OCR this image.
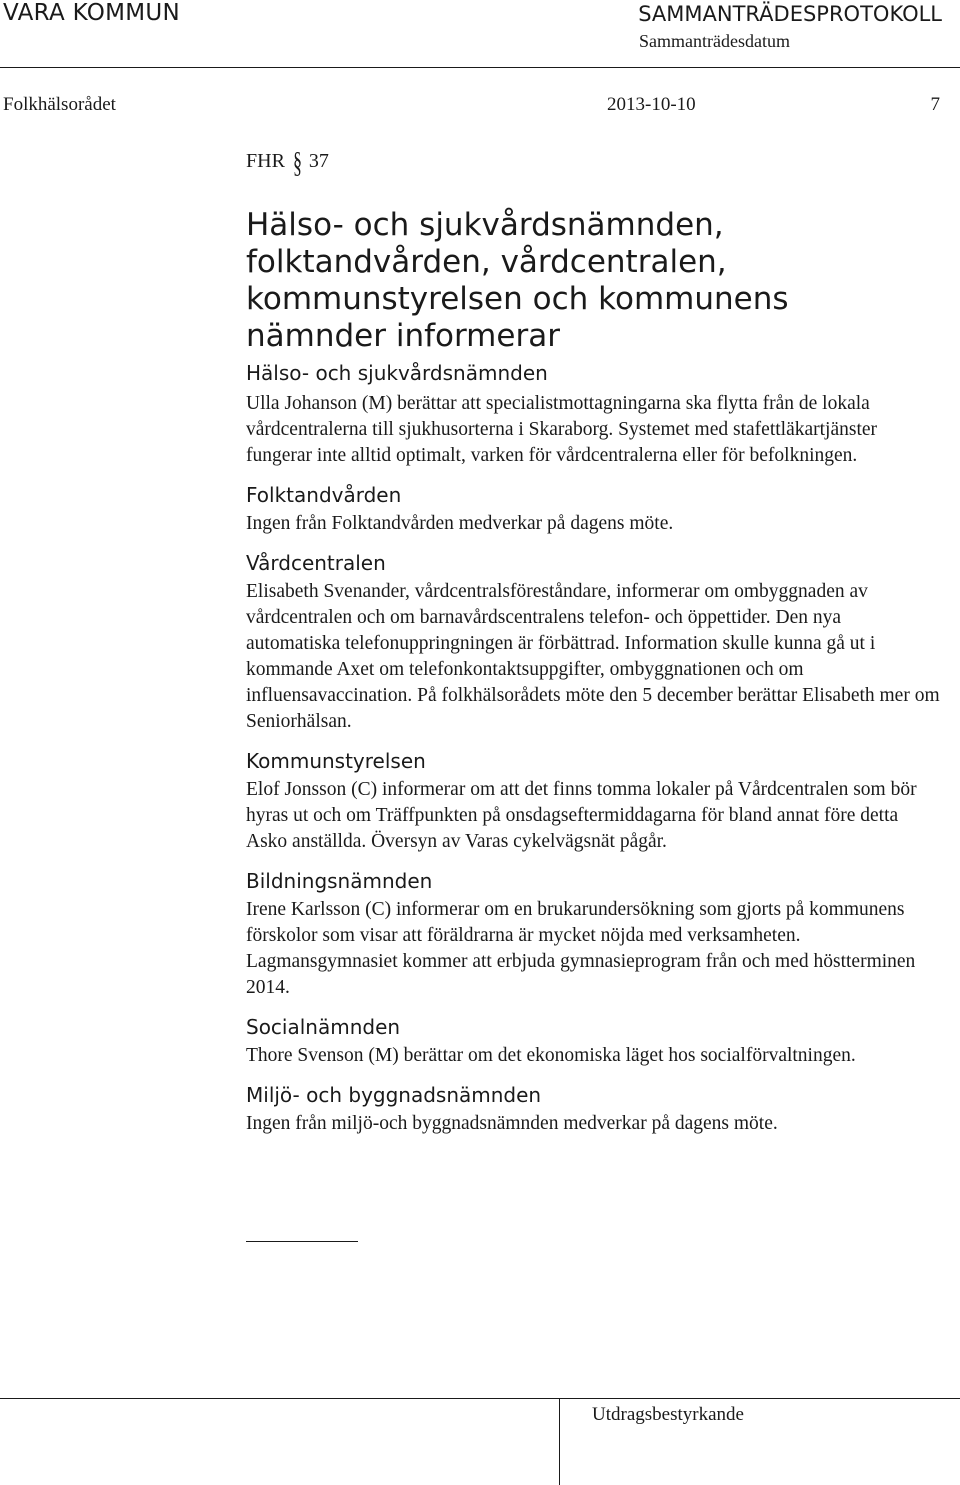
VARA KOMMUN	SAMMANTRÄDESPROTOKOLL
Sammanträdesdatum
Folkhälsorådet	2013-10-10	7
FHR § 37
Hälso- och sjukvårdsnämnden, folktandvården, vårdcentralen, kommunstyrelsen och kommunens nämnder informerar
Hälso- och sjukvårdsnämnden

Ulla Johanson (M) berättar att specialistmottagningarna ska flytta från de lokala vårdcentralerna till sjukhusorterna i Skaraborg. Systemet med stafettläkartjänster fungerar inte alltid optimalt, varken för vårdcentralerna eller för befolkningen.

Folktandvården

Ingen från Folktandvården medverkar på dagens möte.

Vårdcentralen

Elisabeth Svenander, vårdcentralsföreståndare, informerar om ombyggnaden av vårdcentralen och om barnavårdscentralens telefon- och öppettider. Den nya automatiska telefonuppringningen är förbättrad. Information skulle kunna gå ut i kommande Axet om telefonkontaktsuppgifter, ombyggnationen och om influensavaccination. På folkhälsorådets möte den 5 december berättar Elisabeth mer om Seniorhälsan.

Kommunstyrelsen

Elof Jonsson (C) informerar om att det finns tomma lokaler på Vårdcentralen som bör hyras ut och om Träffpunkten på onsdagseftermiddagarna för bland annat före detta Asko anställda. Översyn av Varas cykelvägsnät pågår.

Bildningsnämnden

Irene Karlsson (C) informerar om en brukarundersökning som gjorts på kommunens förskolor som visar att föräldrarna är mycket nöjda med verksamheten. Lagmansgymnasiet kommer att erbjuda gymnasieprogram från och med höstterminen 2014.

Socialnämnden

Thore Svenson (M) berättar om det ekonomiska läget hos socialförvaltningen.

Miljö- och byggnadsnämnden

Ingen från miljö-och byggnadsnämnden medverkar på dagens möte.

Utdragsbestyrkande
